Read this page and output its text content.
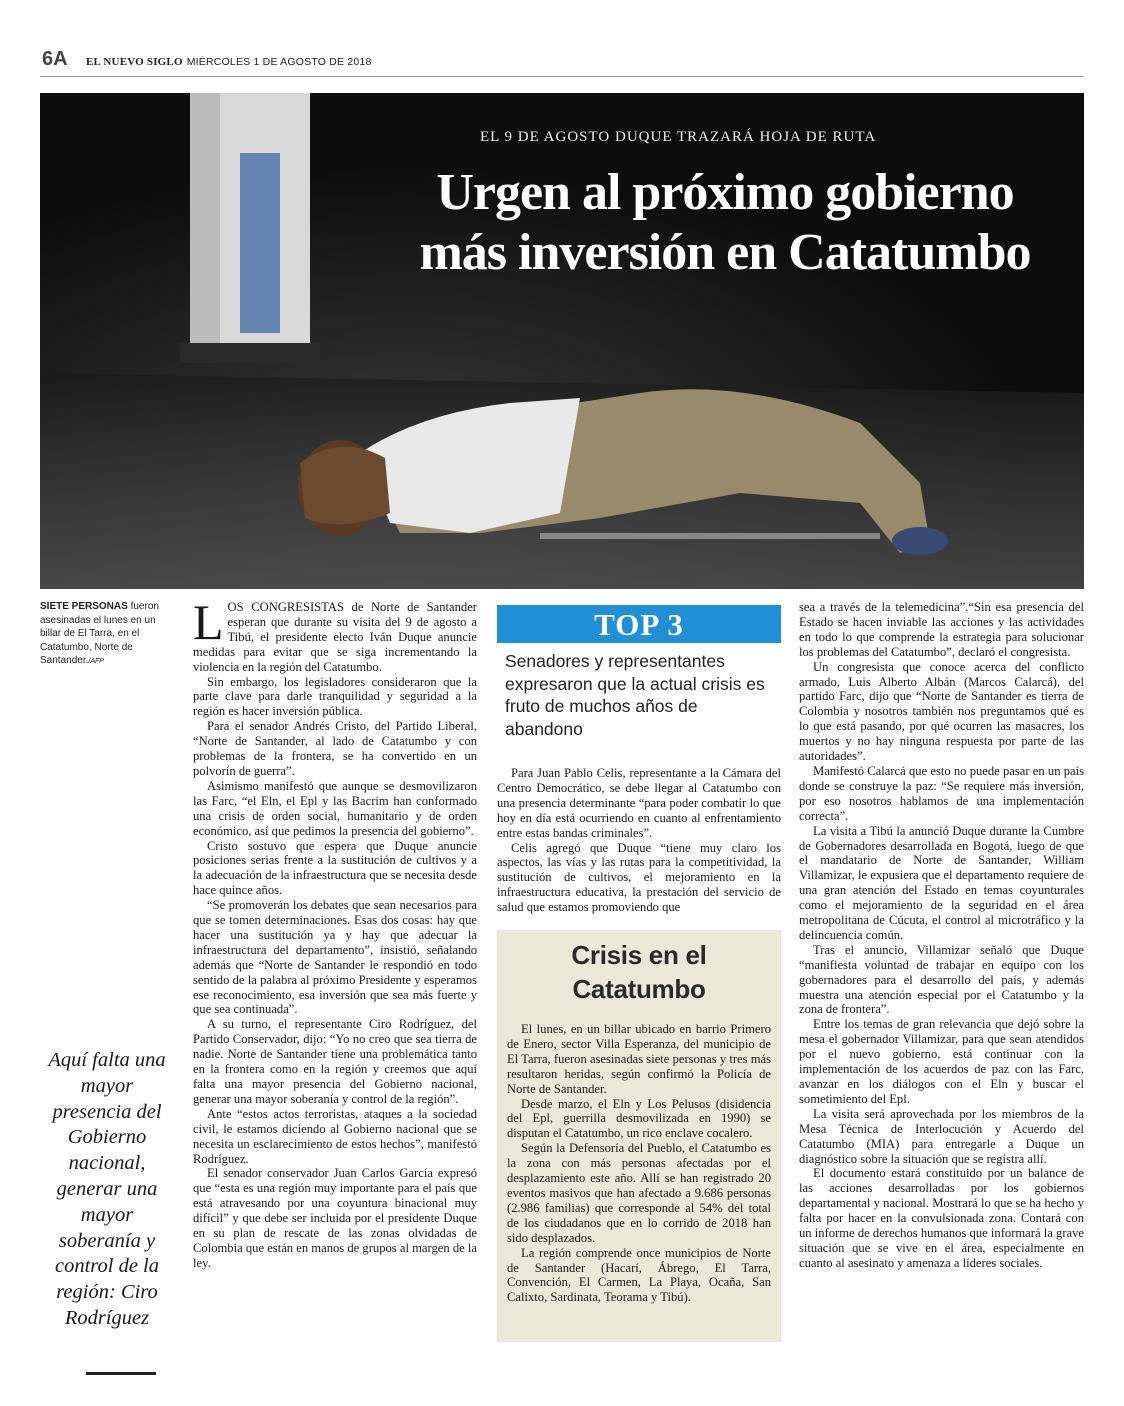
6A EL NUEVO SIGLO MIÉRCOLES 1 DE AGOSTO DE 2018
EL 9 DE AGOSTO DUQUE TRAZARÁ HOJA DE RUTA
Urgen al próximo gobierno
más inversión en Catatumbo
SIETE PERSONAS fueron asesinadas el lunes en un billar de El Tarra, en el Catatumbo, Norte de Santander./AFP
Aquí falta una mayor presencia del Gobierno nacional, generar una mayor soberanía y control de la región: Ciro Rodríguez

LOS CONGRESISTAS de Norte de Santander esperan que durante su visita del 9 de agosto a Tibú, el presidente electo Iván Duque anuncie medidas para evitar que se siga incrementando la violencia en la región del Catatumbo.

Sin embargo, los legisladores consideraron que la parte clave para darle tranquilidad y seguridad a la región es hacer inversión pública.

Para el senador Andrés Cristo, del Partido Liberal, “Norte de Santander, al lado de Catatumbo y con problemas de la frontera, se ha convertido en un polvorín de guerra”.

Asimismo manifestó que aunque se desmovilizaron las Farc, “el Eln, el Epl y las Bacrim han conformado una crisis de orden social, humanitario y de orden económico, así que pedimos la presencia del gobierno”.

Cristo sostuvo que espera que Duque anuncie posiciones serias frente a la sustitución de cultivos y a la adecuación de la infraestructura que se necesita desde hace quince años.

“Se promoverán los debates que sean necesarios para que se tomen determinaciones. Esas dos cosas: hay que hacer una sustitución ya y hay que adecuar la infraestructura del departamento”, insistió, señalando además que “Norte de Santander le respondió en todo sentido de la palabra al próximo Presidente y esperamos ese reconocimiento, esa inversión que sea más fuerte y que sea continuada”.

A su turno, el representante Ciro Rodríguez, del Partido Conservador, dijo: “Yo no creo que sea tierra de nadie. Norte de Santander tiene una problemática tanto en la frontera como en la región y creemos que aquí falta una mayor presencia del Gobierno nacional, generar una mayor soberanía y control de la región”.

Ante “estos actos terroristas, ataques a la sociedad civil, le estamos diciendo al Gobierno nacional que se necesita un esclarecimiento de estos hechos”, manifestó Rodríguez.

El senador conservador Juan Carlos García expresó que “esta es una región muy importante para el país que está atravesando por una coyuntura binacional muy difícil” y que debe ser incluida por el presidente Duque en su plan de rescate de las zonas olvidadas de Colombia que están en manos de grupos al margen de la ley.

TOP 3
Senadores y representantes expresaron que la actual crisis es fruto de muchos años de abandono

Para Juan Pablo Celis, representante a la Cámara del Centro Democrático, se debe llegar al Catatumbo con una presencia determinante “para poder combatir lo que hoy en día está ocurriendo en cuanto al enfrentamiento entre estas bandas criminales”.

Celis agregó que Duque “tiene muy claro los aspectos, las vías y las rutas para la competitividad, la sustitución de cultivos, el mejoramiento en la infraestructura educativa, la prestación del servicio de salud que estamos promoviendo que

Crisis en el
Catatumbo

El lunes, en un billar ubicado en barrio Primero de Enero, sector Villa Esperanza, del municipio de El Tarra, fueron asesinadas siete personas y tres más resultaron heridas, según confirmó la Policía de Norte de Santander.

Desde marzo, el Eln y Los Pelusos (disidencia del Epl, guerrilla desmovilizada en 1990) se disputan el Catatumbo, un rico enclave cocalero.

Según la Defensoría del Pueblo, el Catatumbo es la zona con más personas afectadas por el desplazamiento este año. Allí se han registrado 20 eventos masivos que han afectado a 9.686 personas (2.986 familias) que corresponde al 54% del total de los ciudadanos que en lo corrido de 2018 han sido desplazados.

La región comprende once municipios de Norte de Santander (Hacarí, Ábrego, El Tarra, Convención, El Carmen, La Playa, Ocaña, San Calixto, Sardinata, Teorama y Tibú).

sea a través de la telemedicina”.“Sin esa presencia del Estado se hacen inviable las acciones y las actividades en todo lo que comprende la estrategia para solucionar los problemas del Catatumbo”, declaró el congresista.

Un congresista que conoce acerca del conflicto armado, Luis Alberto Albán (Marcos Calarcá), del partido Farc, dijo que “Norte de Santander es tierra de Colombia y nosotros también nos preguntamos qué es lo que está pasando, por qué ocurren las masacres, los muertos y no hay ninguna respuesta por parte de las autoridades”.

Manifestó Calarcá que esto no puede pasar en un país donde se construye la paz: “Se requiere más inversión, por eso nosotros hablamos de una implementación correcta”.

La visita a Tibú la anunció Duque durante la Cumbre de Gobernadores desarrollada en Bogotá, luego de que el mandatario de Norte de Santander, William Villamizar, le expusiera que el departamento requiere de una gran atención del Estado en temas coyunturales como el mejoramiento de la seguridad en el área metropolitana de Cúcuta, el control al microtráfico y la delincuencia común.

Tras el anuncio, Villamizar señaló que Duque “manifiesta voluntad de trabajar en equipo con los gobernadores para el desarrollo del país, y además muestra una atención especial por el Catatumbo y la zona de frontera”.

Entre los temas de gran relevancia que dejó sobre la mesa el gobernador Villamizar, para que sean atendidos por el nuevo gobierno, está continuar con la implementación de los acuerdos de paz con las Farc, avanzar en los diálogos con el Eln y buscar el sometimiento del Epl.

La visita será aprovechada por los miembros de la Mesa Técnica de Interlocución y Acuerdo del Catatumbo (MIA) para entregarle a Duque un diagnóstico sobre la situación que se registra allí.

El documento estará constituido por un balance de las acciones desarrolladas por los gobiernos departamental y nacional. Mostrará lo que se ha hecho y falta por hacer en la convulsionada zona. Contará con un informe de derechos humanos que informará la grave situación que se vive en el área, especialmente en cuanto al asesinato y amenaza a líderes sociales.
